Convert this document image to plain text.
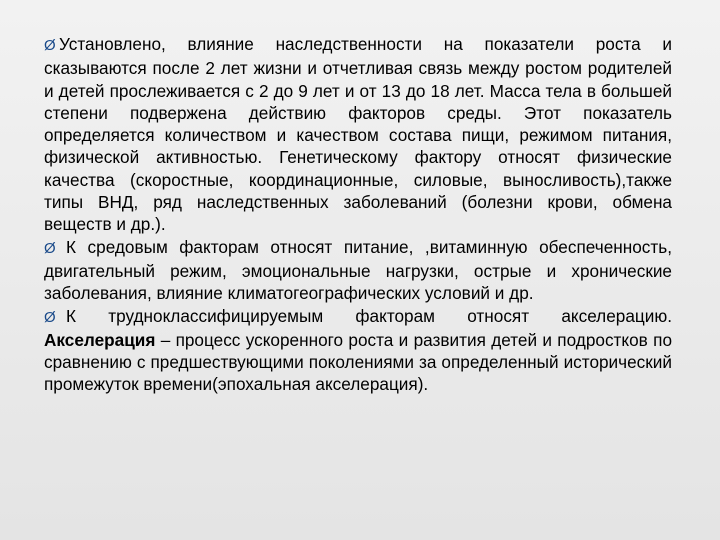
Ø Установлено, влияние наследственности на показатели роста и сказываются после 2 лет жизни и отчетливая связь между ростом родителей и детей прослеживается с 2 до 9 лет и от 13 до 18 лет. Масса тела в большей степени подвержена действию факторов среды. Этот показатель определяется количеством и качеством состава пищи, режимом питания, физической активностью. Генетическому фактору относят физические качества (скоростные, координационные, силовые, выносливость),также типы ВНД, ряд наследственных заболеваний (болезни крови, обмена веществ и др.).

Ø К средовым факторам относят питание, ,витаминную обеспеченность, двигательный режим, эмоциональные нагрузки, острые и хронические заболевания, влияние климатогеографических условий и др.

Ø К трудноклассифицируемым факторам относят акселерацию. Акселерация – процесс ускоренного роста и развития детей и подростков по сравнению с предшествующими поколениями за определенный исторический промежуток времени(эпохальная акселерация).
